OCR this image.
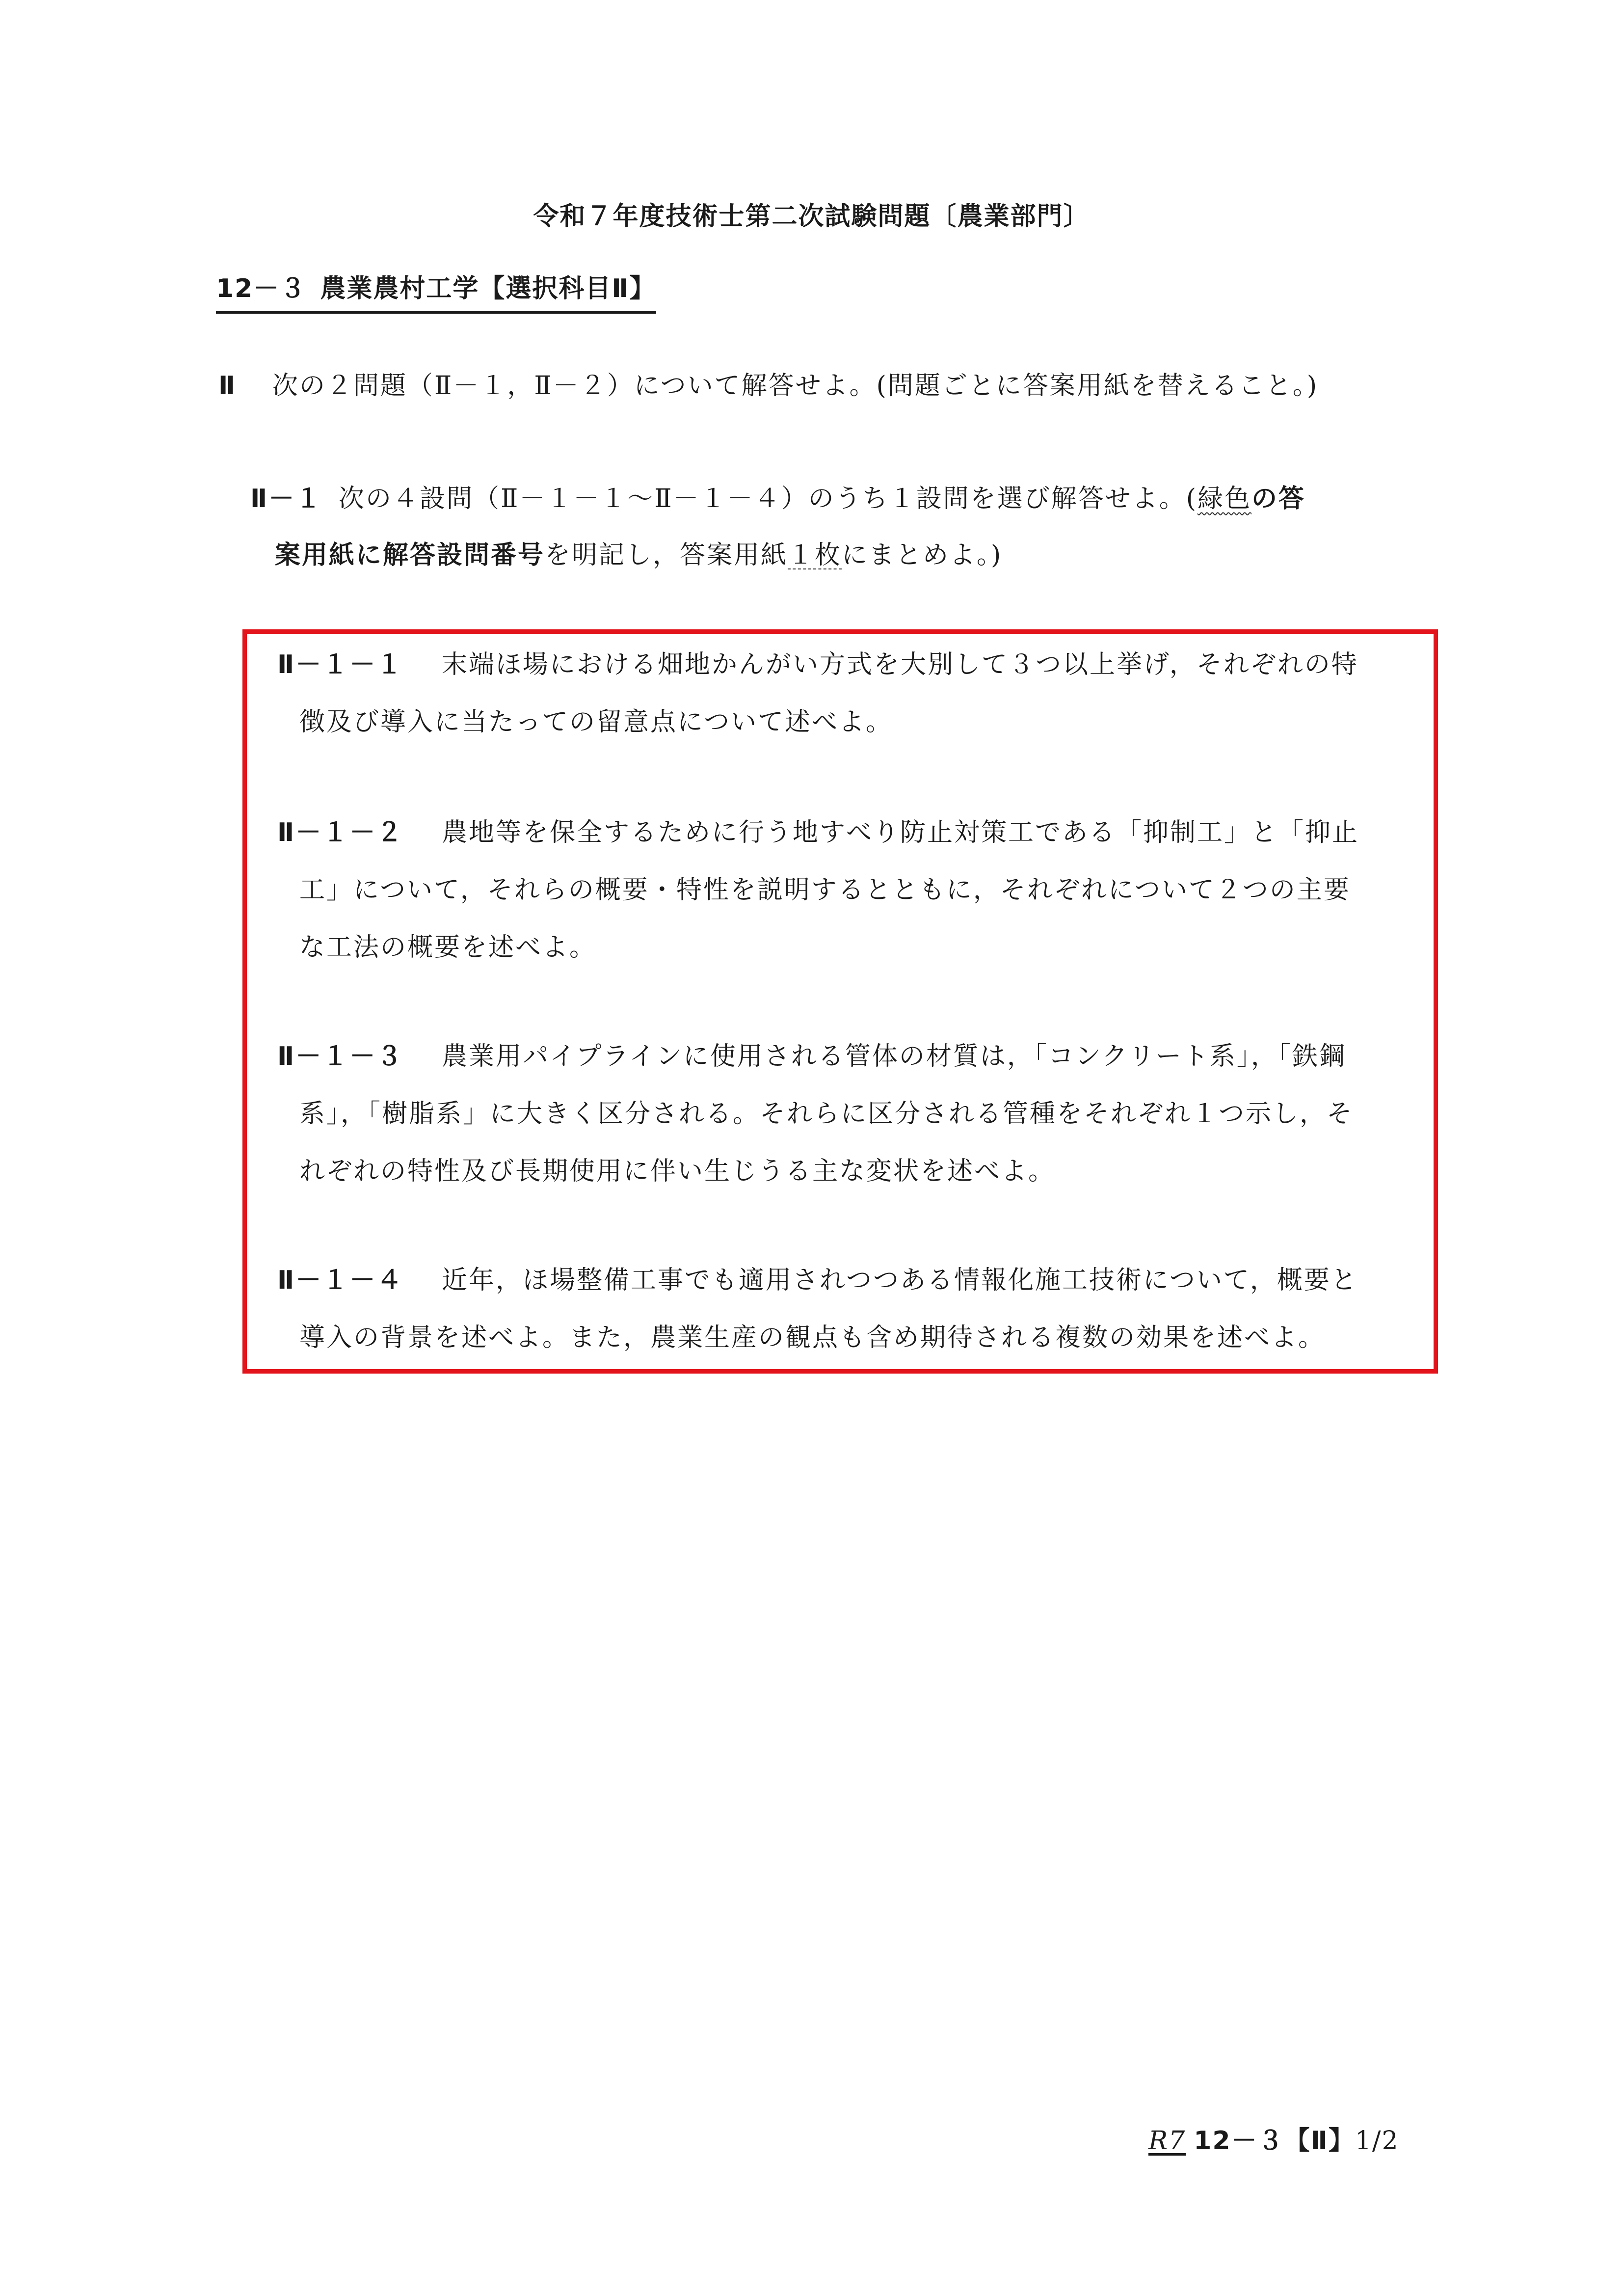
令和７年度技術士第二次試験問題〔農業部門〕
12－３ 農業農村工学【選択科目Ⅱ】
Ⅱ 次の２問題（Ⅱ－１，Ⅱ－２）について解答せよ。(問題ごとに答案用紙を替えること。)
Ⅱ－１ 次の４設問（Ⅱ－１－１～Ⅱ－１－４）のうち１設問を選び解答せよ。(緑色の答
案用紙に解答設問番号を明記し，答案用紙１枚にまとめよ。)
Ⅱ－１－１ 末端ほ場における畑地かんがい方式を大別して３つ以上挙げ，それぞれの特
徴及び導入に当たっての留意点について述べよ。
Ⅱ－１－２ 農地等を保全するために行う地すべり防止対策工である「抑制工」と「抑止
工」について，それらの概要・特性を説明するとともに，それぞれについて２つの主要
な工法の概要を述べよ。
Ⅱ－１－３ 農業用パイプラインに使用される管体の材質は，「コンクリート系」，「鉄鋼
系」，「樹脂系」に大きく区分される。それらに区分される管種をそれぞれ１つ示し，そ
れぞれの特性及び長期使用に伴い生じうる主な変状を述べよ。
Ⅱ－１－４ 近年，ほ場整備工事でも適用されつつある情報化施工技術について，概要と
導入の背景を述べよ。また，農業生産の観点も含め期待される複数の効果を述べよ。
R7 12－３【Ⅱ】1/2
